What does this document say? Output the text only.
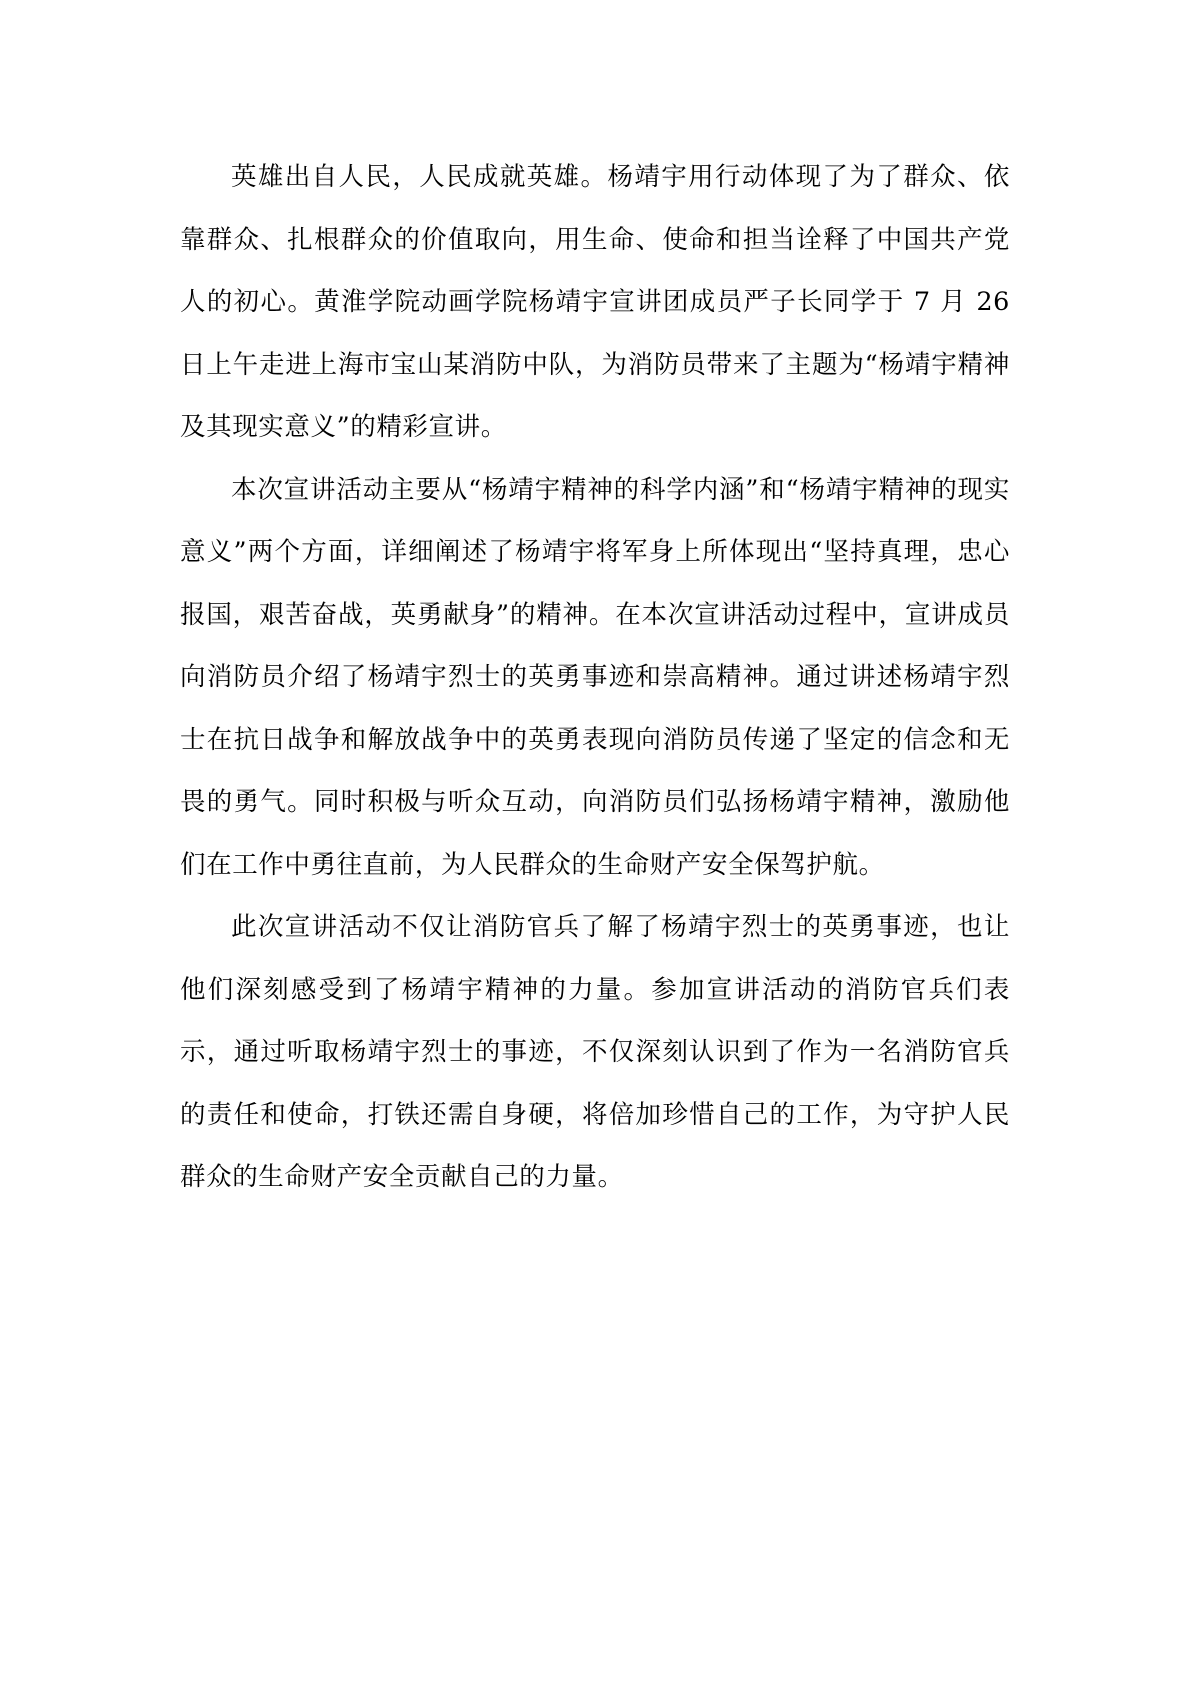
英雄出自人民，人民成就英雄。杨靖宇用行动体现了为了群众、依靠群众、扎根群众的价值取向，用生命、使命和担当诠释了中国共产党人的初心。黄淮学院动画学院杨靖宇宣讲团成员严子长同学于 7 月 26 日上午走进上海市宝山某消防中队，为消防员带来了主题为“杨靖宇精神及其现实意义”的精彩宣讲。

本次宣讲活动主要从“杨靖宇精神的科学内涵”和“杨靖宇精神的现实意义”两个方面，详细阐述了杨靖宇将军身上所体现出“坚持真理，忠心报国，艰苦奋战，英勇献身”的精神。在本次宣讲活动过程中，宣讲成员向消防员介绍了杨靖宇烈士的英勇事迹和崇高精神。通过讲述杨靖宇烈士在抗日战争和解放战争中的英勇表现向消防员传递了坚定的信念和无畏的勇气。同时积极与听众互动，向消防员们弘扬杨靖宇精神，激励他们在工作中勇往直前，为人民群众的生命财产安全保驾护航。

此次宣讲活动不仅让消防官兵了解了杨靖宇烈士的英勇事迹，也让他们深刻感受到了杨靖宇精神的力量。参加宣讲活动的消防官兵们表示，通过听取杨靖宇烈士的事迹，不仅深刻认识到了作为一名消防官兵的责任和使命，打铁还需自身硬，将倍加珍惜自己的工作，为守护人民群众的生命财产安全贡献自己的力量。
